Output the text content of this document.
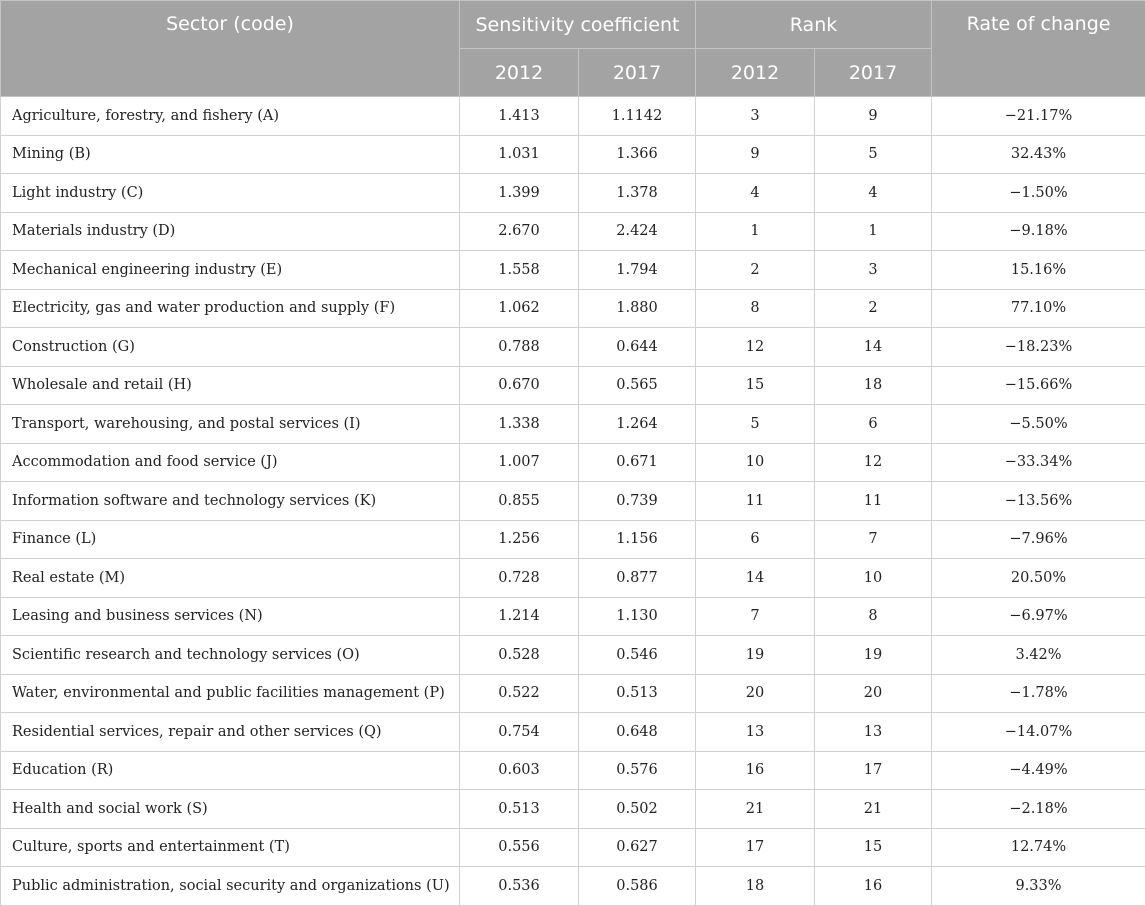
Sector (code)	Sensitivity coefficient		Rank		Rate of change
	2012	2017	2012	2017	
Agriculture, forestry, and fishery (A)	1.413	1.1142	3	9	−21.17%
Mining (B)	1.031	1.366	9	5	32.43%
Light industry (C)	1.399	1.378	4	4	−1.50%
Materials industry (D)	2.670	2.424	1	1	−9.18%
Mechanical engineering industry (E)	1.558	1.794	2	3	15.16%
Electricity, gas and water production and supply (F)	1.062	1.880	8	2	77.10%
Construction (G)	0.788	0.644	12	14	−18.23%
Wholesale and retail (H)	0.670	0.565	15	18	−15.66%
Transport, warehousing, and postal services (I)	1.338	1.264	5	6	−5.50%
Accommodation and food service (J)	1.007	0.671	10	12	−33.34%
Information software and technology services (K)	0.855	0.739	11	11	−13.56%
Finance (L)	1.256	1.156	6	7	−7.96%
Real estate (M)	0.728	0.877	14	10	20.50%
Leasing and business services (N)	1.214	1.130	7	8	−6.97%
Scientific research and technology services (O)	0.528	0.546	19	19	3.42%
Water, environmental and public facilities management (P)	0.522	0.513	20	20	−1.78%
Residential services, repair and other services (Q)	0.754	0.648	13	13	−14.07%
Education (R)	0.603	0.576	16	17	−4.49%
Health and social work (S)	0.513	0.502	21	21	−2.18%
Culture, sports and entertainment (T)	0.556	0.627	17	15	12.74%
Public administration, social security and organizations (U)	0.536	0.586	18	16	9.33%
